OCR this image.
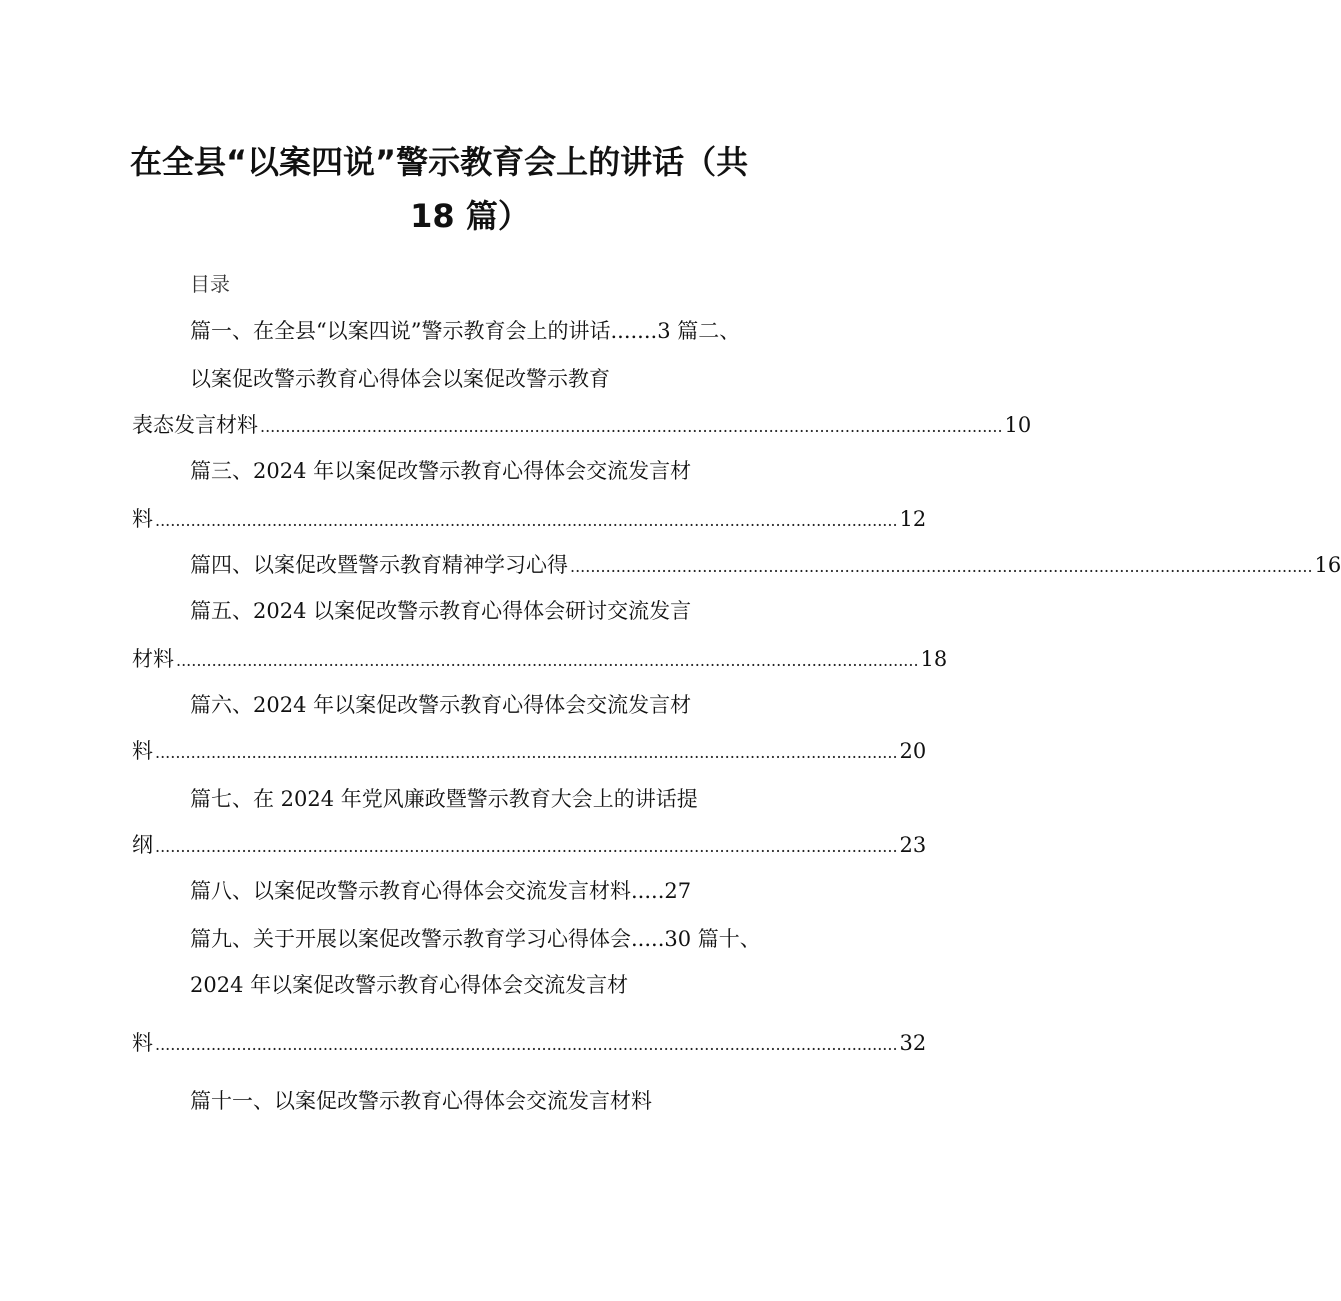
在全县“以案四说”警示教育会上的讲话（共
18 篇）
目录
篇一、在全县“以案四说”警示教育会上的讲话.......3 篇二、
以案促改警示教育心得体会以案促改警示教育
表态发言材料 .................................................................................................................................................. 10
篇三、2024 年以案促改警示教育心得体会交流发言材
料 .................................................................................................................................................. 12
篇四、以案促改暨警示教育精神学习心得 .................................................................................................................................................. 16
篇五、2024 以案促改警示教育心得体会研讨交流发言
材料 .................................................................................................................................................. 18
篇六、2024 年以案促改警示教育心得体会交流发言材
料 .................................................................................................................................................. 20
篇七、在 2024 年党风廉政暨警示教育大会上的讲话提
纲 .................................................................................................................................................. 23
篇八、以案促改警示教育心得体会交流发言材料.....27
篇九、关于开展以案促改警示教育学习心得体会.....30 篇十、
2024 年以案促改警示教育心得体会交流发言材
料 .................................................................................................................................................. 32
篇十一、以案促改警示教育心得体会交流发言材料
